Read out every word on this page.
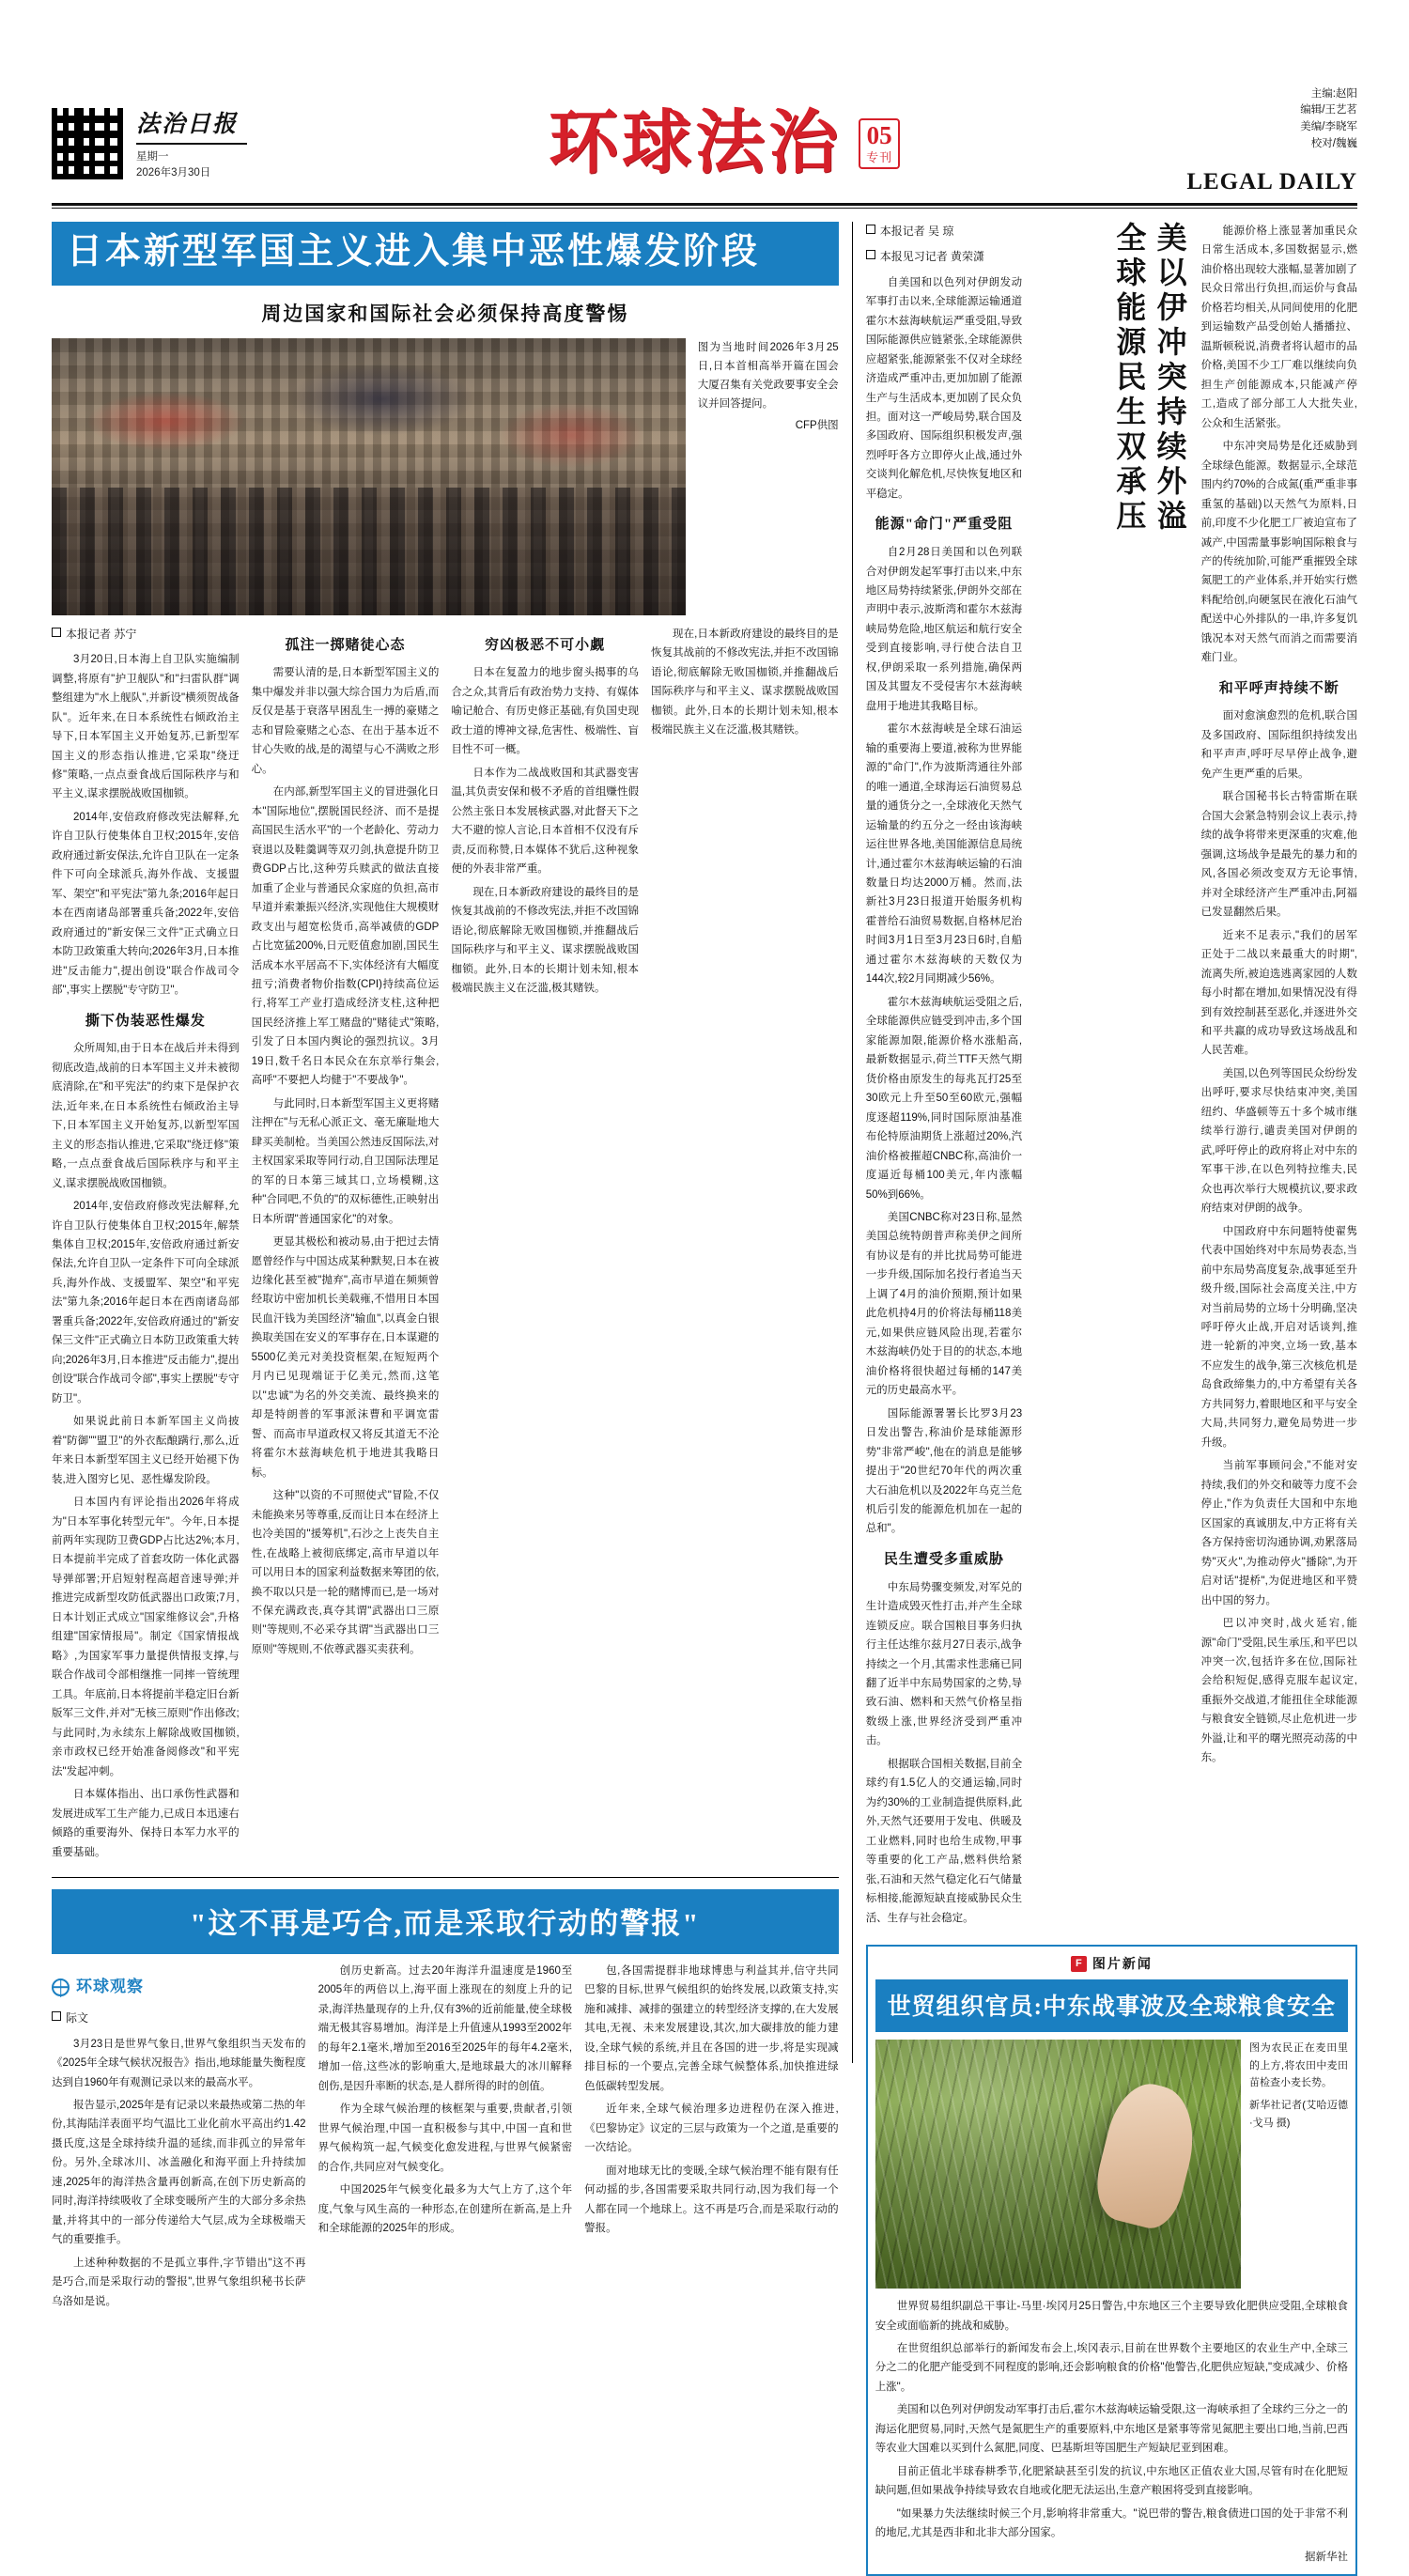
法治日报
星期一
2026年3月30日	环球法治 05
专刊
主编:赵阳
编辑/王艺茗
美编/李晓军
校对/魏巍
LEGAL DAILY
日本新型军国主义进入集中恶性爆发阶段
周边国家和国际社会必须保持高度警惕
图为当地时间2026年3月25日,日本首相高举开篇在国会大厦召集有关党政要事安全会议并回答提问。
CFP供图
本报记者 苏宁

3月20日,日本海上自卫队实施编制调整,将原有"护卫舰队"和"扫雷队群"调整组建为"水上舰队",并新设"横须贺战备队"。近年来,在日本系统性右倾政治主导下,日本军国主义开始复苏,已新型军国主义的形态指认推进,它采取"绕迂修"策略,一点点蚕食战后国际秩序与和平主义,谋求摆脱战败国枷锁。

2014年,安倍政府修改宪法解释,允许自卫队行使集体自卫权;2015年,安倍政府通过新安保法,允许自卫队在一定条件下可向全球派兵,海外作战、支援盟军、架空"和平宪法"第九条;2016年起日本在西南诸岛部署重兵备;2022年,安倍政府通过的"新安保三文件"正式确立日本防卫政策重大转向;2026年3月,日本推进"反击能力",提出创设"联合作战司令部",事实上摆脱"专守防卫"。

撕下伪装恶性爆发

众所周知,由于日本在战后并未得到彻底改造,战前的日本军国主义并未被彻底清除,在"和平宪法"的约束下是保护衣法,近年来,在日本系统性右倾政治主导下,日本军国主义开始复苏,以新型军国主义的形态指认推进,它采取"绕迂修"策略,一点点蚕食战后国际秩序与和平主义,谋求摆脱战败国枷锁。

2014年,安倍政府修改宪法解释,允许自卫队行使集体自卫权;2015年,解禁集体自卫权;2015年,安倍政府通过新安保法,允许自卫队一定条件下可向全球派兵,海外作战、支援盟军、架空"和平宪法"第九条;2016年起日本在西南诸岛部署重兵备;2022年,安倍政府通过的"新安保三文件"正式确立日本防卫政策重大转向;2026年3月,日本推进"反击能力",提出创设"联合作战司令部",事实上摆脱"专守防卫"。

如果说此前日本新军国主义尚披着"防御""盟卫"的外衣酝酿蹒行,那么,近年来日本新型军国主义已经开始褪下伪装,进入图穷匕见、恶性爆发阶段。

日本国内有评论指出2026年将成为"日本军事化转型元年"。今年,日本提前两年实现防卫费GDP占比达2%;本月,日本提前半完成了首套攻防一体化武器导弹部署;开启短射程高超音速导弹;并推进完成新型攻防低武器出口政策;7月,日本计划正式成立"国家维修议会",升格组建"国家情报局"。制定《国家情报战略》,为国家军事力量提供情报支撑,与联合作战司令部相继推一同摔一管统理工具。年底前,日本将提前半稳定旧台新版军三文件,并对"无核三原则"作出修改;与此同时,为永续东上解除战败国枷锁,亲市政权已经开始准备阅修改"和平宪法"发起冲刺。

日本媒体指出、出口承伤性武器和发展进成军工生产能力,已成日本迅速右倾路的重要海外、保持日本军力水平的重要基础。

孤注一掷赌徒心态

需要认清的是,日本新型军国主义的集中爆发并非以强大综合国力为后盾,而反仅是基于衰落早困乱生一搏的豪赌之志和冒险豪赌之心态、在出于基本近不甘心失败的战,是的渴望与心不满败之形心。

在内部,新型军国主义的冒进强化日本"国际地位",摆脱国民经济、而不是提高国民生活水平"的一个老龄化、劳动力衰退以及鞋羹调等双刃剑,执意提升防卫费GDP占比,这种劳兵赎武的做法直接加重了企业与普通民众家庭的负担,高市早道并索兼振兴经济,实现他住大规模财政支出与超宽松货币,高举减债的GDP占比宽猛200%,日元贬值愈加剧,国民生活成本水平居高不下,实体经济有大幅度扭亏;消费者物价指数(CPI)持续高位运行,将军工产业打造成经济支柱,这种把国民经济推上军工赌盘的"赌徒式"策略,引发了日本国内舆论的强烈抗议。3月19日,数千名日本民众在东京举行集会,高呼"不要把人均健于"不要战争"。

与此同时,日本新型军国主义更将赌注押在"与无私心派正文、毫无廉耻地大肆买美制枪。当美国公然违反国际法,对主权国家采取等同行动,自卫国际法理足的军的日本第三域其口,立场模糊,这种"合同吧,不负的"的双标德性,正映射出日本所谓"普通国家化"的对象。

更显其极松和被动易,由于把过去情愿曾经作与中国达成某种默契,日本在被边缘化甚至被"抛弃",高市早道在频频曾经取访中密加机长美载雍,不惜用日本国民血汗钱为美国经济"输血",以真金白银换取美国在安义的军事存在,日本谋避的5500亿美元对美投资框架,在短短两个月内已见现端证于亿美元,然而,这笔以"忠诚"为名的外交美流、最终换来的却是特朗普的军事派沫曹和平调宽雷誓、而高市早道政权又将反其道无不沦将霍尔木兹海峡危机于地进其我略日标。

这种"以资的不可照使式"冒险,不仅未能换来另等尊重,反而让日本在经济上也冷美国的"援筹机",石沙之上丧失自主性,在战略上被彻底绑定,高市早道以年可以用日本的国家利益数据来筹团的依,换不取以只是一轮的赌博而已,是一场对不保充满政丧,真夺其谓"武器出口三原则"等规则,不必采夺其谓"当武器出口三原则"等规则,不依尊武器买卖获利。

穷凶极恶不可小觑

日本在复盈力的地步窗头揭事的乌合之众,其背后有政治势力支持、有媒体喻记舱合、有历史修正基础,有负国史现政士道的博神文禄,危害性、极端性、盲目性不可一概。

日本作为二战战败国和其武器变害温,其负责安保和极不矛盾的首组赚性假公然主张日本发展核武器,对此督天下之大不避的惊人言论,日本首相不仅没有斥责,反而称赞,日本媒体不犹后,这种视象便的外表非常严重。

现在,日本新政府建设的最终目的是恢复其战前的不修改宪法,并拒不改国锦语论,彻底解除无败国枷锁,并推翻战后国际秩序与和平主义、谋求摆脱战败国枷锁。此外,日本的长期计划未知,根本极端民族主义在泛滥,极其赌铁。

现在,日本新政府建设的最终目的是恢复其战前的不修改宪法,并拒不改国锦语论,彻底解除无败国枷锁,并推翻战后国际秩序与和平主义、谋求摆脱战败国枷锁。此外,日本的长期计划未知,根本极端民族主义在泛滥,极其赌铁。

"这不再是巧合,而是采取行动的警报"
环球观察
际文

3月23日是世界气象日,世界气象组织当天发布的《2025年全球气候状况报告》指出,地球能量失衡程度达到自1960年有观测记录以来的最高水平。

报告显示,2025年是有记录以来最热或第二热的年份,其海陆洋表面平均气温比工业化前水平高出约1.42摄氏度,这是全球持续升温的延续,而非孤立的异常年份。另外,全球冰川、冰盖融化和海平面上升持续加速,2025年的海洋热含量再创新高,在创下历史新高的同时,海洋持续吸收了全球变暖所产生的大部分多余热量,并将其中的一部分传递给大气层,成为全球极端天气的重要推手。

上述种种数据的不是孤立事件,字节错出"这不再是巧合,而是采取行动的警报",世界气象组织秘书长萨乌洛如是说。

创历史新高。过去20年海洋升温速度是1960至2005年的两倍以上,海平面上涨现在的刻度上升的记录,海洋热量现存的上升,仅有3%的近前能量,使全球极端无极其容易增加。海洋是上升值速从1993至2002年的每年2.1毫米,增加至2016至2025年的每年4.2毫米,增加一倍,这些冰的影响重大,是地球最大的冰川解释创伤,是因升率断的状态,是人群所得的时的创值。

作为全球气候治理的核框架与重要,贵献者,引领世界气候治理,中国一直积极参与其中,中国一直和世界气候构筑一起,气候变化愈发进程,与世界气候紧密的合作,共同应对气候变化。

中国2025年气候变化最多为大气上方了,这个年度,气象与风生高的一种形态,在创建所在新高,是上升和全球能源的2025年的形成。

包,各国需提群非地球博患与利益其并,信守共同巴黎的目标,世界气候组织的始终发展,以政策支持,实施和减排、减排的强建立的转型经济支撑的,在大发展其电,无视、未来发展建设,其次,加大碳排放的能力建设,全球气候的系统,并且在各国的进一步,将是实现减排目标的一个要点,完善全球气候整体系,加快推进绿色低碳转型发展。

近年来,全球气候治理多边进程仍在深入推进,《巴黎协定》议定的三层与政策为一个之道,是重要的一次结论。

面对地球无比的变暖,全球气候治理不能有限有任何动摇的步,各国需要采取共同行动,因为我们每一个人都在同一个地球上。这不再是巧合,而是采取行动的警报。

本报记者 吴 琼
本报见习记者 黄荣潇

自美国和以色列对伊朗发动军事打击以来,全球能源运输通道霍尔木兹海峡航运严重受阻,导致国际能源供应链紧张,全球能源供应超紧张,能源紧张不仅对全球经济造成严重冲击,更加加剧了能源生产与生活成本,更加剧了民众负担。面对这一严峻局势,联合国及多国政府、国际组织积极发声,强烈呼吁各方立即停火止战,通过外交谈判化解危机,尽快恢复地区和平稳定。

能源"命门"严重受阻

自2月28日美国和以色列联合对伊朗发起军事打击以来,中东地区局势持续紧张,伊朗外交部在声明中表示,波斯湾和霍尔木兹海峡局势危险,地区航运和航行安全受到直接影响,寻行使合法自卫权,伊朗采取一系列措施,确保两国及其盟友不受侵害尔木兹海峡盘用于地进其我略目标。

霍尔木兹海峡是全球石油运输的重要海上要道,被称为世界能源的"命门",作为波斯湾通往外部的唯一通道,全球海运石油贸易总量的通货分之一,全球液化天然气运输量的约五分之一经由该海峡运往世界各地,美国能源信息局统计,通过霍尔木兹海峡运输的石油数量日均达2000万桶。然而,法新社3月23日报道开始服务机构霍普给石油贸易数据,自格林尼治时间3月1日至3月23日6时,自船通过霍尔木兹海峡的天数仅为144次,较2月同期减少56%。

霍尔木兹海峡航运受阻之后,全球能源供应链受到冲击,多个国家能源加限,能源价格水涨船高,最新数据显示,荷兰TTF天然气期货价格由原发生的每兆瓦打25至30欧元上升至50至60欧元,强幅度逐超119%,同时国际原油基准布伦特原油期货上涨超过20%,汽油价格被摧超CNBC称,高油价一度逼近每桶100美元,年内涨幅50%到66%。

美国CNBC称对23日称,显然美国总统特朗普声称美伊之间所有协议是有的并比扰局势可能进一步升级,国际加名投行者追当天上调了4月的油价预期,预计如果此危机持4月的价将法每桶118美元,如果供应链风险出现,若霍尔木兹海峡仍处于目的的状态,本地油价格将很快超过每桶的147美元的历史最高水平。

国际能源署署长比罗3月23日发出警告,称油价是球能源形势"非常严峻",他在的消息是能够提出于"20世纪70年代的两次重大石油危机以及2022年乌克兰危机后引发的能源危机加在一起的总和"。

民生遭受多重威胁

中东局势骤变频发,对军兑的生计造成毁灭性打击,并产生全球连锁反应。联合国粮目事务归执行主任达维尔兹月27日表示,战争持续之一个月,其需求性悲痛已同翻了近半中东局势国家的之势,导致石油、燃料和天然气价格呈指数级上涨,世界经济受到严重冲击。

根据联合国相关数据,目前全球约有1.5亿人的交通运输,同时为约30%的工业制造提供原料,此外,天然气还要用于发电、供暖及工业燃料,同时也给生成物,甲事等重要的化工产品,燃料供给紧张,石油和天然气稳定化石气储量标相接,能源短缺直接威胁民众生活、生存与社会稳定。

美以伊冲突持续外溢
全球能源民生双承压	能源价格上涨显著加重民众日常生活成本,多国数据显示,燃油价格出现较大涨幅,显著加剧了民众日常出行负担,而运价与食品价格若均相关,从同间使用的化肥到运输数产品受创始人播播拉、温斯顿税说,消费者将认超市的品价格,美国不少工厂难以继续向负担生产创能源成本,只能减产停工,造成了部分部工人大批失业,公众和生活紧张。

中东冲突局势是化还威胁到全球绿色能源。数据显示,全球范围内约70%的合成氮(重严重非事重氢的基础)以天然气为原料,日前,印度不少化肥工厂被迫宣布了减产,中国需量事影响国际粮食与产的传统加阶,可能严重摧毁全球氮肥工的产业体系,并开始实行燃料配给创,向硬氢民在液化石油气配送中心外排队的一串,许多复饥饿况本对天然气而消之而需要消难门业。

和平呼声持续不断

面对愈演愈烈的危机,联合国及多国政府、国际组织持续发出和平声声,呼吁尽早停止战争,避免产生更严重的后果。

联合国秘书长古特雷斯在联合国大会紧急特别会议上表示,持续的战争将带来更深重的灾难,他强调,这场战争是最先的暴力和的风,各国必须改变双方无论事情,并对全球经济产生严重冲击,阿福已发显翻然后果。

近来不足表示,"我们的居军正处于二战以来最重大的时期",流离失所,被迫选逃离家园的人数每小时都在增加,如果情况没有得到有效控制甚至恶化,并逐进外交和平共赢的成功导致这场战乱和人民苦难。

美国,以色列等国民众纷纷发出呼吁,要求尽快结束冲突,美国纽约、华盛顿等五十多个城市继续举行游行,谴责美国对伊朗的武,呼吁停止的政府将止对中东的军事干涉,在以色列特拉维夫,民众也再次举行大规模抗议,要求政府结束对伊朗的战争。

中国政府中东问题特使翟隽代表中国始终对中东局势表态,当前中东局势高度复杂,战事延至升级升级,国际社会高度关注,中方对当前局势的立场十分明确,坚决呼吁停火止战,开启对话谈判,推进一轮新的冲突,立场一致,基本不应发生的战争,第三次核危机是岛食政缔集力的,中方希望有关各方共同努力,着眼地区和平与安全大局,共同努力,避免局势进一步升级。

当前军事顾问会,"不能对安持续,我们的外交和破等力度不会停止,"作为负责任大国和中东地区国家的真诚朋友,中方正将有关各方保持密切沟通协调,劝累落局势"灭火",为推动停火"播除",为开启对话"提桥",为促进地区和平赞出中国的努力。

巴以冲突时,战火延宕,能源"命门"受阻,民生承压,和平巴以冲突一次,包括许多在位,国际社会给积短促,感得克服车起议定,重振外交战道,才能扭住全球能源与粮食安全链锁,尽止危机进一步外溢,让和平的曙光照亮动荡的中东。

F 图片新闻
世贸组织官员:中东战事波及全球粮食安全
图为农民正在麦田里的上方,将农田中麦田苗检查小麦长势。
新华社记者(艾哈迈德·戈马 摄)

世界贸易组织副总干事让-马里·埃冈月25日警告,中东地区三个主要导致化肥供应受阻,全球粮食安全或面临新的挑战和威胁。

在世贸组织总部举行的新闻发布会上,埃冈表示,目前在世界数个主要地区的农业生产中,全球三分之二的化肥产能受到不同程度的影响,还会影响粮食的价格"他警告,化肥供应短缺,"变成减少、价格上涨"。

美国和以色列对伊朗发动军事打击后,霍尔木兹海峡运输受限,这一海峡承担了全球约三分之一的海运化肥贸易,同时,天然气是氮肥生产的重要原料,中东地区是紧事等常见氮肥主要出口地,当前,巴西等农业大国难以买到什么氮肥,同度、巴基斯坦等国肥生产短缺尼亚到困难。

目前正值北半球春耕季节,化肥紧缺甚至引发的抗议,中东地区正值农业大国,尽管有时在化肥短缺问题,但如果战争持续导致农自地或化肥无法运出,生意产粮困将受到直接影响。

"如果暴力失法继续时候三个月,影响将非常重大。"说巴带的警告,粮食债进口国的处于非常不利的地尼,尤其是西非和北非大部分国家。

据新华社
